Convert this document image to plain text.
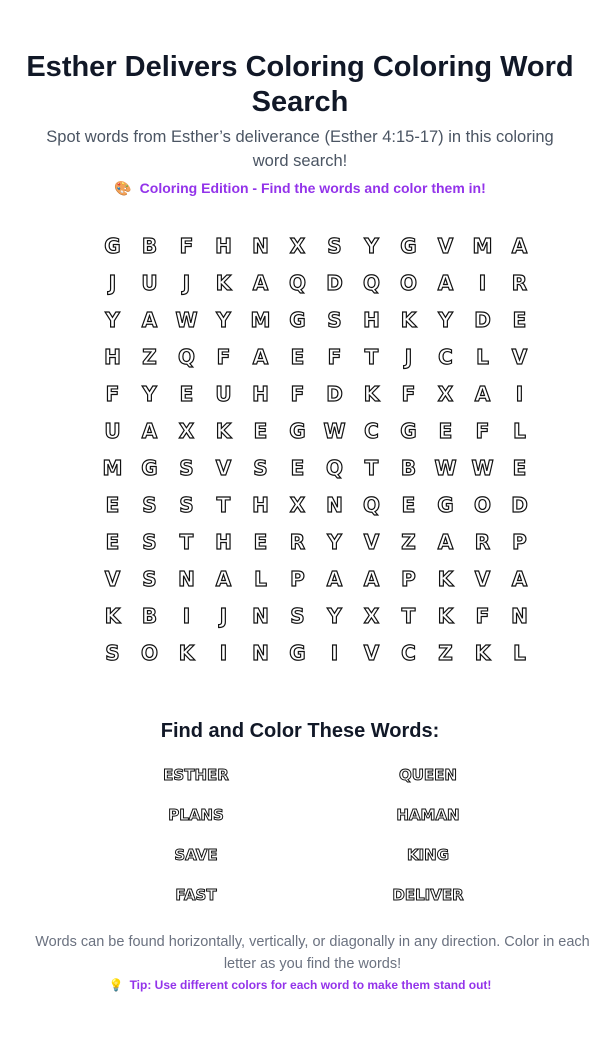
Esther Delivers Coloring Coloring Word Search

Spot words from Esther’s deliverance (Esther 4:15-17) in this coloring word search!

🎨 Coloring Edition - Find the words and color them in!
G	B	F	H	N	X	S	Y	G	V M A
J	U	J	K	A	Q	D	Q O	A	I	R
Y	A W Y M G	S	H	K	Y	D	E
H	Z	Q	F	A	E	F	T	J	C	L	V
F	Y	E	U	H	F	D	K	F	X	A	I
U	A	X	K	E	G W C	G	E	F	L
M G	S	V	S	E	Q	T	B W W E
E	S	S	T	H	X	N	Q	E	G	O	D
E	S	T	H	E	R	Y	V	Z	A	R	P
V	S	N	A	L	P	A	A	P	K	V	A
K	B	I	J	N	S	Y	X	T	K	F	N
S	O	K	I	N	G	I	V	C	Z	K	L
Find and Color These Words:
ESTHER	QUEEN
PLANS	HAMAN
SAVE	KING
FAST	DELIVER

Words can be found horizontally, vertically, or diagonally in any direction. Color in each letter as you find the words!

💡 Tip: Use different colors for each word to make them stand out!
